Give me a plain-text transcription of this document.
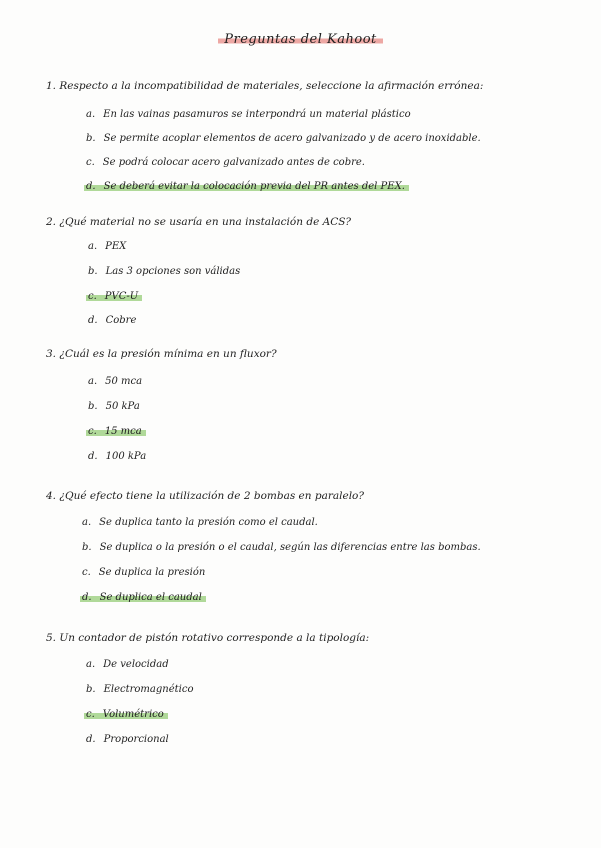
Preguntas del Kahoot
1. Respecto a la incompatibilidad de materiales, seleccione la afirmación errónea:
a. En las vainas pasamuros se interpondrá un material plástico
b. Se permite acoplar elementos de acero galvanizado y de acero inoxidable.
c. Se podrá colocar acero galvanizado antes de cobre.
d. Se deberá evitar la colocación previa del PR antes del PEX.
2. ¿Qué material no se usaría en una instalación de ACS?
a. PEX
b. Las 3 opciones son válidas
c. PVC-U
d. Cobre
3. ¿Cuál es la presión mínima en un fluxor?
a. 50 mca
b. 50 kPa
c. 15 mca
d. 100 kPa
4. ¿Qué efecto tiene la utilización de 2 bombas en paralelo?
a. Se duplica tanto la presión como el caudal.
b. Se duplica o la presión o el caudal, según las diferencias entre las bombas.
c. Se duplica la presión
d. Se duplica el caudal
5. Un contador de pistón rotativo corresponde a la tipología:
a. De velocidad
b. Electromagnético
c. Volumétrico
d. Proporcional
